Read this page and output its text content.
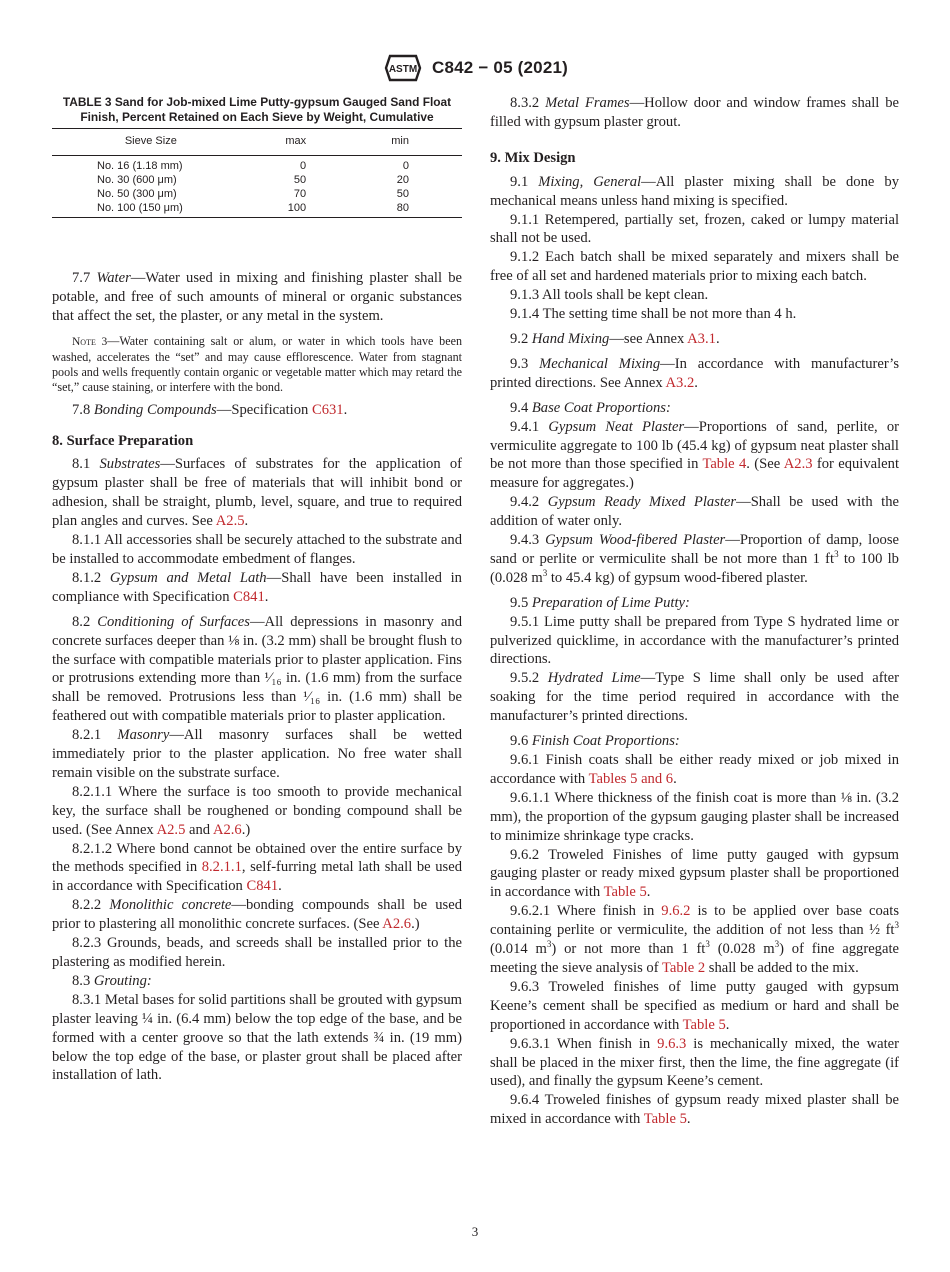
ASTM C842 − 05 (2021)
TABLE 3 Sand for Job-mixed Lime Putty-gypsum Gauged Sand Float Finish, Percent Retained on Each Sieve by Weight, Cumulative
Sieve Size	max	min
No. 16 (1.18 mm)	0	0
No. 30 (600 μm)	50	20
No. 50 (300 μm)	70	50
No. 100 (150 μm)	100	80

7.7 Water—Water used in mixing and finishing plaster shall be potable, and free of such amounts of mineral or organic substances that affect the set, the plaster, or any metal in the system.

Note 3—Water containing salt or alum, or water in which tools have been washed, accelerates the “set” and may cause efflorescence. Water from stagnant pools and wells frequently contain organic or vegetable matter which may retard the “set,” cause staining, or interfere with the bond.

7.8 Bonding Compounds—Specification C631.

8. Surface Preparation

8.1 Substrates—Surfaces of substrates for the application of gypsum plaster shall be free of materials that will inhibit bond or adhesion, shall be straight, plumb, level, square, and true to required plan angles and curves. See A2.5.

8.1.1 All accessories shall be securely attached to the substrate and be installed to accommodate embedment of flanges.

8.1.2 Gypsum and Metal Lath—Shall have been installed in compliance with Specification C841.

8.2 Conditioning of Surfaces—All depressions in masonry and concrete surfaces deeper than ⅛ in. (3.2 mm) shall be brought flush to the surface with compatible materials prior to plaster application. Fins or protrusions extending more than ¹⁄₁₆ in. (1.6 mm) from the surface shall be removed. Protrusions less than ¹⁄₁₆ in. (1.6 mm) shall be feathered out with compatible materials prior to plaster application.

8.2.1 Masonry—All masonry surfaces shall be wetted immediately prior to the plaster application. No free water shall remain visible on the substrate surface.

8.2.1.1 Where the surface is too smooth to provide mechanical key, the surface shall be roughened or bonding compound shall be used. (See Annex A2.5 and A2.6.)

8.2.1.2 Where bond cannot be obtained over the entire surface by the methods specified in 8.2.1.1, self-furring metal lath shall be used in accordance with Specification C841.

8.2.2 Monolithic concrete—bonding compounds shall be used prior to plastering all monolithic concrete surfaces. (See A2.6.)

8.2.3 Grounds, beads, and screeds shall be installed prior to the plastering as modified herein.

8.3 Grouting:

8.3.1 Metal bases for solid partitions shall be grouted with gypsum plaster leaving ¼ in. (6.4 mm) below the top edge of the base, and be formed with a center groove so that the lath extends ¾ in. (19 mm) below the top edge of the base, or plaster grout shall be placed after installation of lath.

8.3.2 Metal Frames—Hollow door and window frames shall be filled with gypsum plaster grout.

9. Mix Design

9.1 Mixing, General—All plaster mixing shall be done by mechanical means unless hand mixing is specified.

9.1.1 Retempered, partially set, frozen, caked or lumpy material shall not be used.

9.1.2 Each batch shall be mixed separately and mixers shall be free of all set and hardened materials prior to mixing each batch.

9.1.3 All tools shall be kept clean.

9.1.4 The setting time shall be not more than 4 h.

9.2 Hand Mixing—see Annex A3.1.

9.3 Mechanical Mixing—In accordance with manufacturer’s printed directions. See Annex A3.2.

9.4 Base Coat Proportions:

9.4.1 Gypsum Neat Plaster—Proportions of sand, perlite, or vermiculite aggregate to 100 lb (45.4 kg) of gypsum neat plaster shall be not more than those specified in Table 4. (See A2.3 for equivalent measure for aggregates.)

9.4.2 Gypsum Ready Mixed Plaster—Shall be used with the addition of water only.

9.4.3 Gypsum Wood-fibered Plaster—Proportion of damp, loose sand or perlite or vermiculite shall be not more than 1 $ft^3$ to 100 lb (0.028 $m^3$ to 45.4 kg) of gypsum wood-fibered plaster.

9.5 Preparation of Lime Putty:

9.5.1 Lime putty shall be prepared from Type S hydrated lime or pulverized quicklime, in accordance with the manufacturer’s printed directions.

9.5.2 Hydrated Lime—Type S lime shall only be used after soaking for the time period required in accordance with the manufacturer’s printed directions.

9.6 Finish Coat Proportions:

9.6.1 Finish coats shall be either ready mixed or job mixed in accordance with Tables 5 and 6.

9.6.1.1 Where thickness of the finish coat is more than ⅛ in. (3.2 mm), the proportion of the gypsum gauging plaster shall be increased to minimize shrinkage type cracks.

9.6.2 Troweled Finishes of lime putty gauged with gypsum gauging plaster or ready mixed gypsum plaster shall be proportioned in accordance with Table 5.

9.6.2.1 Where finish in 9.6.2 is to be applied over base coats containing perlite or vermiculite, the addition of not less than ½ $ft^3$ (0.014 $m^3$) or not more than 1 $ft^3$ (0.028 $m^3$) of fine aggregate meeting the sieve analysis of Table 2 shall be added to the mix.

9.6.3 Troweled finishes of lime putty gauged with gypsum Keene’s cement shall be specified as medium or hard and shall be proportioned in accordance with Table 5.

9.6.3.1 When finish in 9.6.3 is mechanically mixed, the water shall be placed in the mixer first, then the lime, the fine aggregate (if used), and finally the gypsum Keene’s cement.

9.6.4 Troweled finishes of gypsum ready mixed plaster shall be mixed in accordance with Table 5.

3
